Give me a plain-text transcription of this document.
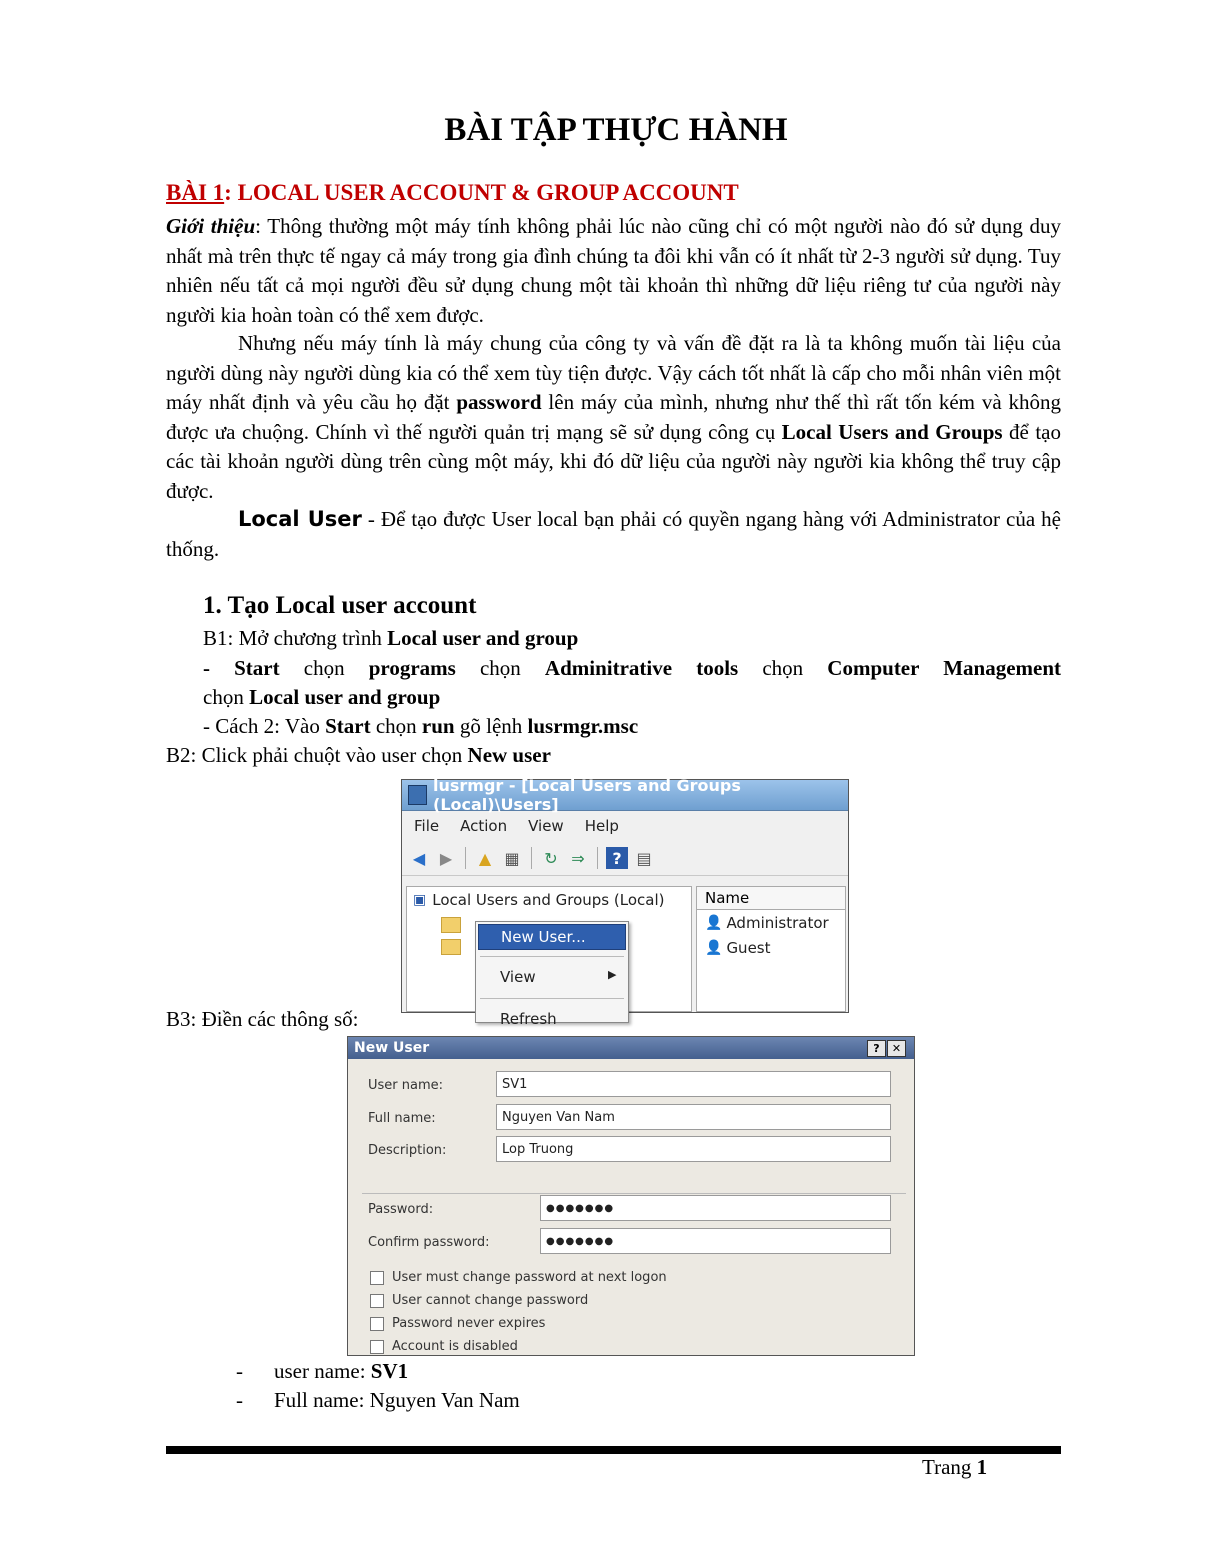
BÀI TẬP THỰC HÀNH
BÀI 1: LOCAL USER ACCOUNT & GROUP ACCOUNT
Giới thiệu: Thông thường một máy tính không phải lúc nào cũng chỉ có một người nào đó sử dụng duy nhất mà trên thực tế ngay cả máy trong gia đình chúng ta đôi khi vẫn có ít nhất từ 2-3 người sử dụng. Tuy nhiên nếu tất cả mọi người đều sử dụng chung một tài khoản thì những dữ liệu riêng tư của người này người kia hoàn toàn có thể xem được.
Nhưng nếu máy tính là máy chung của công ty và vấn đề đặt ra là ta không muốn tài liệu của người dùng này người dùng kia có thể xem tùy tiện được. Vậy cách tốt nhất là cấp cho mỗi nhân viên một máy nhất định và yêu cầu họ đặt password lên máy của mình, nhưng như thế thì rất tốn kém và không được ưa chuộng. Chính vì thế người quản trị mạng sẽ sử dụng công cụ Local Users and Groups để tạo các tài khoản người dùng trên cùng một máy, khi đó dữ liệu của người này người kia không thể truy cập được.
Local User - Để tạo được User local bạn phải có quyền ngang hàng với Administrator của hệ thống.
1. Tạo Local user account
B1: Mở chương trình Local user and group
- Start chọn programs chọn Adminitrative tools chọn Computer Management
chọn Local user and group
- Cách 2: Vào Start chọn run gõ lệnh lusrmgr.msc
B2: Click phải chuột vào user chọn New user
lusrmgr - [Local Users and Groups (Local)\Users]
File Action View Help
◀ ▶	▲ ▦ ↻ ⇒	? ▤
▣ Local Users and Groups (Local)
New User...
View	▶
Refresh
Name
👤 Administrator
👤 Guest
B3: Điền các thông số:
New User	?	✕
User name:	SV1
Full name:	Nguyen Van Nam
Description:	Lop Truong
Password:	●●●●●●●
Confirm password:	●●●●●●●
User must change password at next logon
User cannot change password
Password never expires
Account is disabled
- user name: SV1
- Full name: Nguyen Van Nam
Trang 1
